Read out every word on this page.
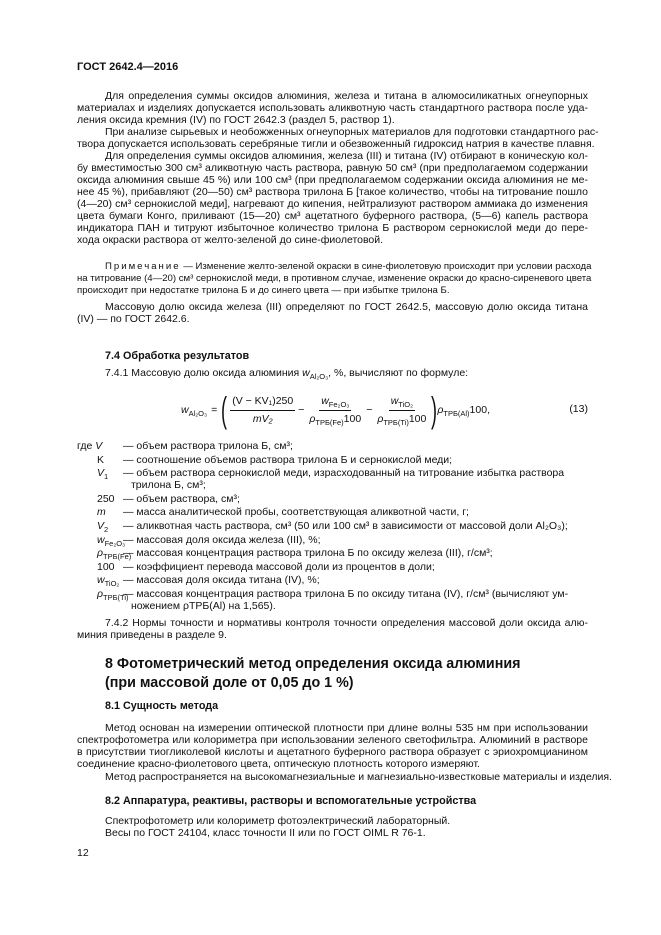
ГОСТ 2642.4—2016
Для определения суммы оксидов алюминия, железа и титана в алюмосиликатных огнеупорных
материалах и изделиях допускается использовать аликвотную часть стандартного раствора после уда-
ления оксида кремния (IV) по ГОСТ 2642.3 (раздел 5, раствор 1).
При анализе сырьевых и необожженных огнеупорных материалов для подготовки стандартного рас-
твора допускается использовать серебряные тигли и обезвоженный гидроксид натрия в качестве плавня.
Для определения суммы оксидов алюминия, железа (III) и титана (IV) отбирают в коническую кол-
бу вместимостью 300 см³ аликвотную часть раствора, равную 50 см³ (при предполагаемом содержании
оксида алюминия свыше 45 %) или 100 см³ (при предполагаемом содержании оксида алюминия не ме-
нее 45 %), прибавляют (20—50) см³ раствора трилона Б [такое количество, чтобы на титрование пошло
(4—20) см³ сернокислой меди], нагревают до кипения, нейтрализуют раствором аммиака до изменения
цвета бумаги Конго, приливают (15—20) см³ ацетатного буферного раствора, (5—6) капель раствора
индикатора ПАН и титруют избыточное количество трилона Б раствором сернокислой меди до пере-
хода окраски раствора от желто-зеленой до сине-фиолетовой.
Примечание — Изменение желто-зеленой окраски в сине-фиолетовую происходит при условии расхода
на титрование (4—20) см³ сернокислой меди, в противном случае, изменение окраски до красно-сиреневого цвета
происходит при недостатке трилона Б и до синего цвета — при избытке трилона Б.
Массовую долю оксида железа (III) определяют по ГОСТ 2642.5, массовую долю оксида титана
(IV) — по ГОСТ 2642.6.
7.4 Обработка результатов
7.4.1 Массовую долю оксида алюминия $w_{Al_2O_3}$, %, вычисляют по формуле:
$w_{Al_2O_3}$ = ( $\frac{\text{(V − KV₁)250}}{\text{mV₂}} - \frac{w_{Fe_2O_3}}{\rho_{ТРБ(Fe)}100} - \frac{w_{TiO_2}}{\rho_{ТРБ(Ti)}100}$ ) $\rho_{ТРБ(Al)}100$,	(13)
где V — объем раствора трилона Б, см³;
K — соотношение объемов раствора трилона Б и сернокислой меди;
$V_1$ — объем раствора сернокислой меди, израсходованный на титрование избытка раствора
трилона Б, см³;
250 — объем раствора, см³;
m — масса аналитической пробы, соответствующая аликвотной части, г;
$V_2$ — аликвотная часть раствора, см³ (50 или 100 см³ в зависимости от массовой доли Al₂O₃);
$w_{Fe_2O_3}$
— массовая доля оксида железа (III), %;
$\rho_{ТРБ(Fe)}$
— массовая концентрация раствора трилона Б по оксиду железа (III), г/см³;
100 — коэффициент перевода массовой доли из процентов в доли;
$w_{TiO_2}$ — массовая доля оксида титана (IV), %;
$\rho_{ТРБ(Ti)}$
— массовая концентрация раствора трилона Б по оксиду титана (IV), г/см³ (вычисляют ум-
ножением ρТРБ(Al) на 1,565).
7.4.2 Нормы точности и нормативы контроля точности определения массовой доли оксида алю-
миния приведены в разделе 9.
8 Фотометрический метод определения оксида алюминия
(при массовой доле от 0,05 до 1 %)
8.1 Сущность метода
Метод основан на измерении оптической плотности при длине волны 535 нм при использовании
спектрофотометра или колориметра при использовании зеленого светофильтра. Алюминий в растворе
в присутствии тиогликолевой кислоты и ацетатного буферного раствора образует с эриохромцианином
соединение красно-фиолетового цвета, оптическую плотность которого измеряют.
Метод распространяется на высокомагнезиальные и магнезиально-известковые материалы и изделия.
8.2 Аппаратура, реактивы, растворы и вспомогательные устройства
Спектрофотометр или колориметр фотоэлектрический лабораторный.
Весы по ГОСТ 24104, класс точности II или по ГОСТ OIML R 76-1.
12
